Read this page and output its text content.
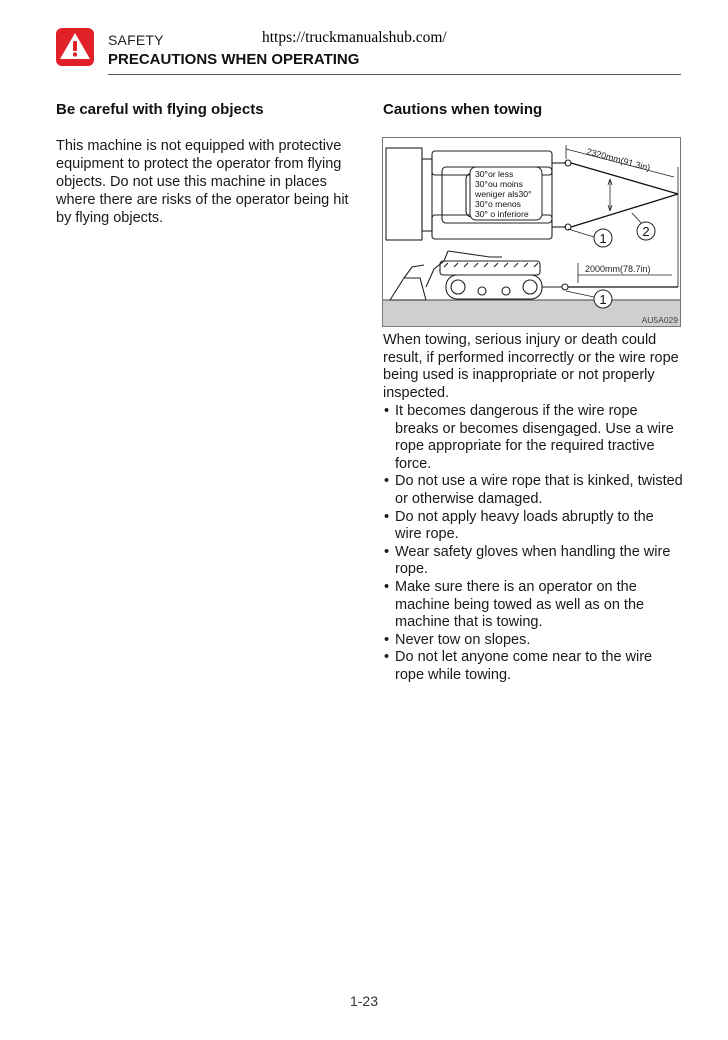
SAFETY	https://truckmanualshub.com/
PRECAUTIONS WHEN OPERATING
Be careful with flying objects
This machine is not equipped with protective equipment to protect the operator from flying objects. Do not use this machine in places where there are risks of the operator being hit by flying objects.
Cautions when towing
2320mm(91.3in)
30°or less 30°ou moins weniger als30° 30°o menos 30° o inferiore
1	2
2000mm(78.7in)
1
AU5A029
When towing, serious injury or death could result, if performed incorrectly or the wire rope being used is inappropriate or not properly inspected.
• It becomes dangerous if the wire rope breaks or becomes disengaged. Use a wire rope appropriate for the required tractive force.
• Do not use a wire rope that is kinked, twisted or otherwise damaged.
• Do not apply heavy loads abruptly to the wire rope.
• Wear safety gloves when handling the wire rope.
• Make sure there is an operator on the machine being towed as well as on the machine that is towing.
• Never tow on slopes.
• Do not let anyone come near to the wire rope while towing.
1-23
